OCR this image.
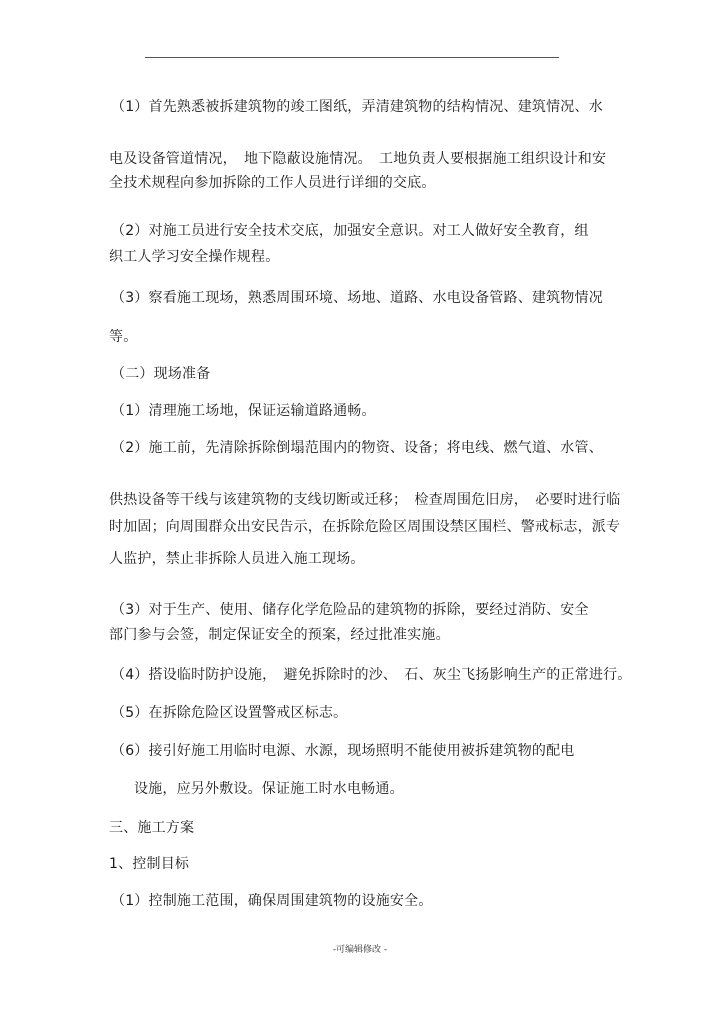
（1）首先熟悉被拆建筑物的竣工图纸，弄清建筑物的结构情况、建筑情况、水
电及设备管道情况，　地下隐蔽设施情况。　工地负责人要根据施工组织设计和安
全技术规程向参加拆除的工作人员进行详细的交底。
（2）对施工员进行安全技术交底，加强安全意识。对工人做好安全教育，组
织工人学习安全操作规程。
（3）察看施工现场，熟悉周围环境、场地、道路、水电设备管路、建筑物情况
等。
（二）现场准备
（1）清理施工场地，保证运输道路通畅。
（2）施工前，先清除拆除倒塌范围内的物资、设备；将电线、燃气道、水管、
供热设备等干线与该建筑物的支线切断或迁移；　检查周围危旧房，　必要时进行临
时加固；向周围群众出安民告示，在拆除危险区周围设禁区围栏、警戒标志，派专
人监护，禁止非拆除人员进入施工现场。
（3）对于生产、使用、储存化学危险品的建筑物的拆除，要经过消防、安全
部门参与会签，制定保证安全的预案，经过批准实施。
（4）搭设临时防护设施，　避免拆除时的沙、　石、灰尘飞扬影响生产的正常进行。
（5）在拆除危险区设置警戒区标志。
（6）接引好施工用临时电源、水源，现场照明不能使用被拆建筑物的配电
设施，应另外敷设。保证施工时水电畅通。
三、施工方案
1、控制目标
（1）控制施工范围，确保周围建筑物的设施安全。
-可编辑修改 -
